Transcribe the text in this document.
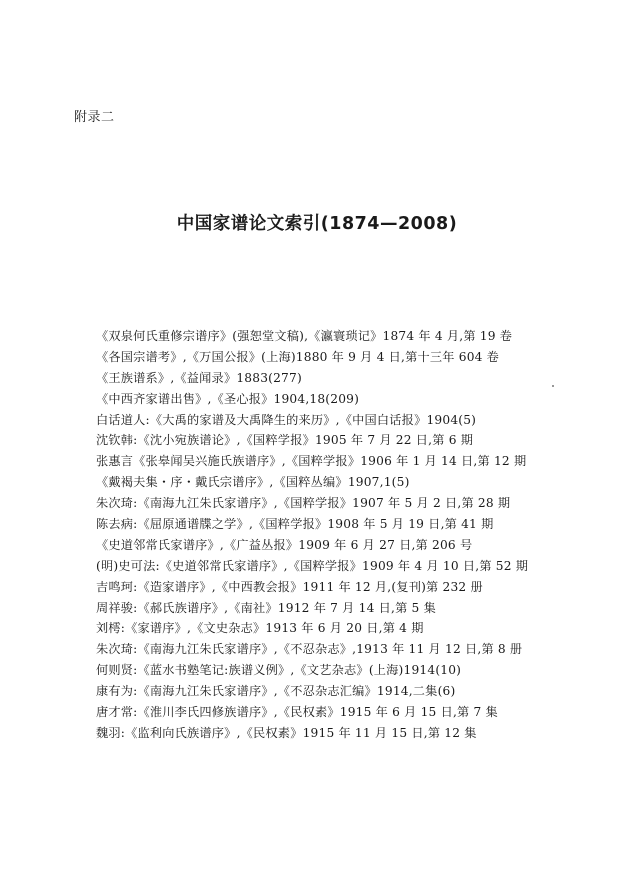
附录二
中国家谱论文索引(1874—2008)
《双泉何氏重修宗谱序》(强恕堂文稿),《瀛寰琐记》1874 年 4 月,第 19 卷
《各国宗谱考》,《万国公报》(上海)1880 年 9 月 4 日,第十三年 604 卷
《王族谱系》,《益闻录》1883(277)
《中西齐家谱出售》,《圣心报》1904,18(209)
白话道人:《大禹的家谱及大禹降生的来历》,《中国白话报》1904(5)
沈钦韩:《沈小宛族谱论》,《国粹学报》1905 年 7 月 22 日,第 6 期
张惠言《张皋闻吴兴施氏族谱序》,《国粹学报》1906 年 1 月 14 日,第 12 期
《戴褐夫集・序・戴氏宗谱序》,《国粹丛编》1907,1(5)
朱次琦:《南海九江朱氏家谱序》,《国粹学报》1907 年 5 月 2 日,第 28 期
陈去病:《屈原通谱牒之学》,《国粹学报》1908 年 5 月 19 日,第 41 期
《史道邻常氏家谱序》,《广益丛报》1909 年 6 月 27 日,第 206 号
(明)史可法:《史道邻常氏家谱序》,《国粹学报》1909 年 4 月 10 日,第 52 期
吉鸣珂:《造家谱序》,《中西教会报》1911 年 12 月,(复刊)第 232 册
周祥骏:《郝氏族谱序》,《南社》1912 年 7 月 14 日,第 5 集
刘樗:《家谱序》,《文史杂志》1913 年 6 月 20 日,第 4 期
朱次琦:《南海九江朱氏家谱序》,《不忍杂志》,1913 年 11 月 12 日,第 8 册
何则贤:《蓝水书塾笔记:族谱义例》,《文艺杂志》(上海)1914(10)
康有为:《南海九江朱氏家谱序》,《不忍杂志汇编》1914,二集(6)
唐才常:《淮川李氏四修族谱序》,《民权素》1915 年 6 月 15 日,第 7 集
魏羽:《监利向氏族谱序》,《民权素》1915 年 11 月 15 日,第 12 集
